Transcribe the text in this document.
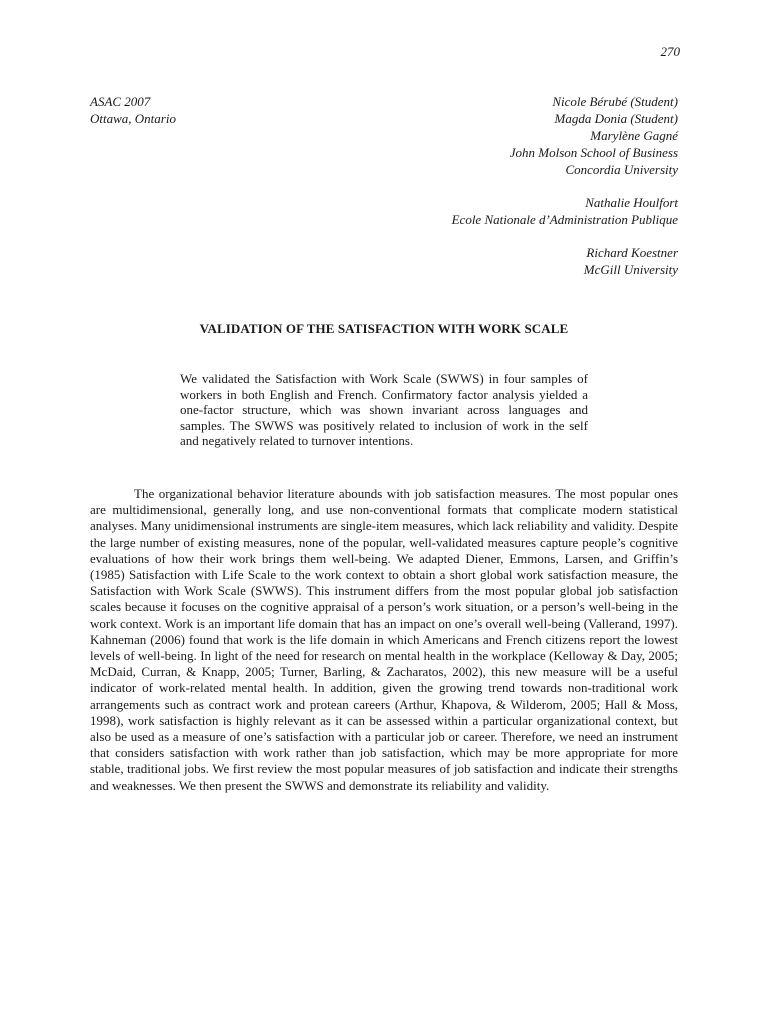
270
ASAC 2007
Ottawa, Ontario
Nicole Bérubé (Student)
Magda Donia (Student)
Marylène Gagné
John Molson School of Business
Concordia University
Nathalie Houlfort
Ecole Nationale d’Administration Publique
Richard Koestner
McGill University
VALIDATION OF THE SATISFACTION WITH WORK SCALE
We validated the Satisfaction with Work Scale (SWWS) in four samples of workers in both English and French. Confirmatory factor analysis yielded a one-factor structure, which was shown invariant across languages and samples. The SWWS was positively related to inclusion of work in the self and negatively related to turnover intentions.

The organizational behavior literature abounds with job satisfaction measures. The most popular ones are multidimensional, generally long, and use non-conventional formats that complicate modern statistical analyses. Many unidimensional instruments are single-item measures, which lack reliability and validity. Despite the large number of existing measures, none of the popular, well-validated measures capture people’s cognitive evaluations of how their work brings them well-being. We adapted Diener, Emmons, Larsen, and Griffin’s (1985) Satisfaction with Life Scale to the work context to obtain a short global work satisfaction measure, the Satisfaction with Work Scale (SWWS). This instrument differs from the most popular global job satisfaction scales because it focuses on the cognitive appraisal of a person’s work situation, or a person’s well-being in the work context. Work is an important life domain that has an impact on one’s overall well-being (Vallerand, 1997). Kahneman (2006) found that work is the life domain in which Americans and French citizens report the lowest levels of well-being. In light of the need for research on mental health in the workplace (Kelloway & Day, 2005; McDaid, Curran, & Knapp, 2005; Turner, Barling, & Zacharatos, 2002), this new measure will be a useful indicator of work-related mental health. In addition, given the growing trend towards non-traditional work arrangements such as contract work and protean careers (Arthur, Khapova, & Wilderom, 2005; Hall & Moss, 1998), work satisfaction is highly relevant as it can be assessed within a particular organizational context, but also be used as a measure of one’s satisfaction with a particular job or career. Therefore, we need an instrument that considers satisfaction with work rather than job satisfaction, which may be more appropriate for more stable, traditional jobs. We first review the most popular measures of job satisfaction and indicate their strengths and weaknesses. We then present the SWWS and demonstrate its reliability and validity.
